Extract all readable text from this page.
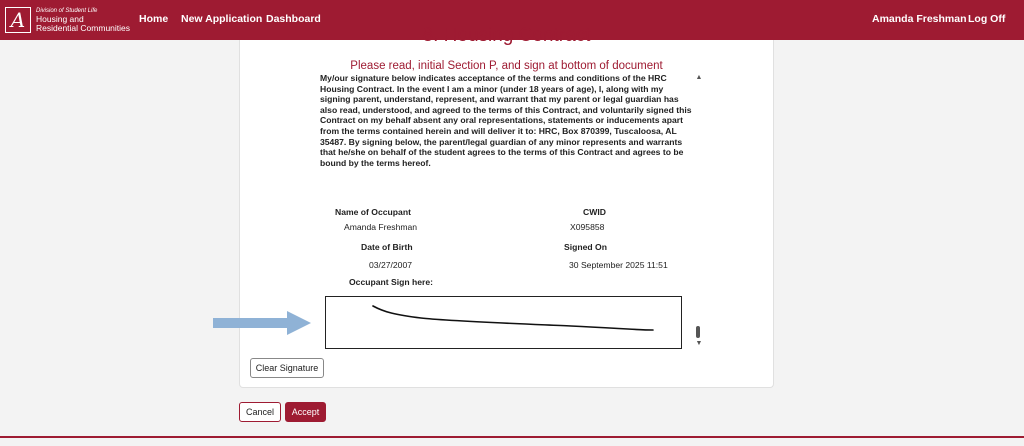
A	Division of Student Life
Housing and
Residential Communities
Home New Application Dashboard	Amanda Freshman Log Off
8. Housing Contract
Please read, initial Section P, and sign at bottom of document

My/our signature below indicates acceptance of the terms and conditions of the HRC Housing Contract. In the event I am a minor (under 18 years of age), I, along with my signing parent, understand, represent, and warrant that my parent or legal guardian has also read, understood, and agreed to the terms of this Contract, and voluntarily signed this Contract on my behalf absent any oral representations, statements or inducements apart from the terms contained herein and will deliver it to: HRC, Box 870399, Tuscaloosa, AL 35487. By signing below, the parent/legal guardian of any minor represents and warrants that he/she on behalf of the student agrees to the terms of this Contract and agrees to be bound by the terms hereof.

Name of Occupant
Amanda Freshman
CWID
X095858
Date of Birth
03/27/2007
Signed On
30 September 2025 11:51
Occupant Sign here:
▲
▼
Clear Signature
Cancel	Accept
